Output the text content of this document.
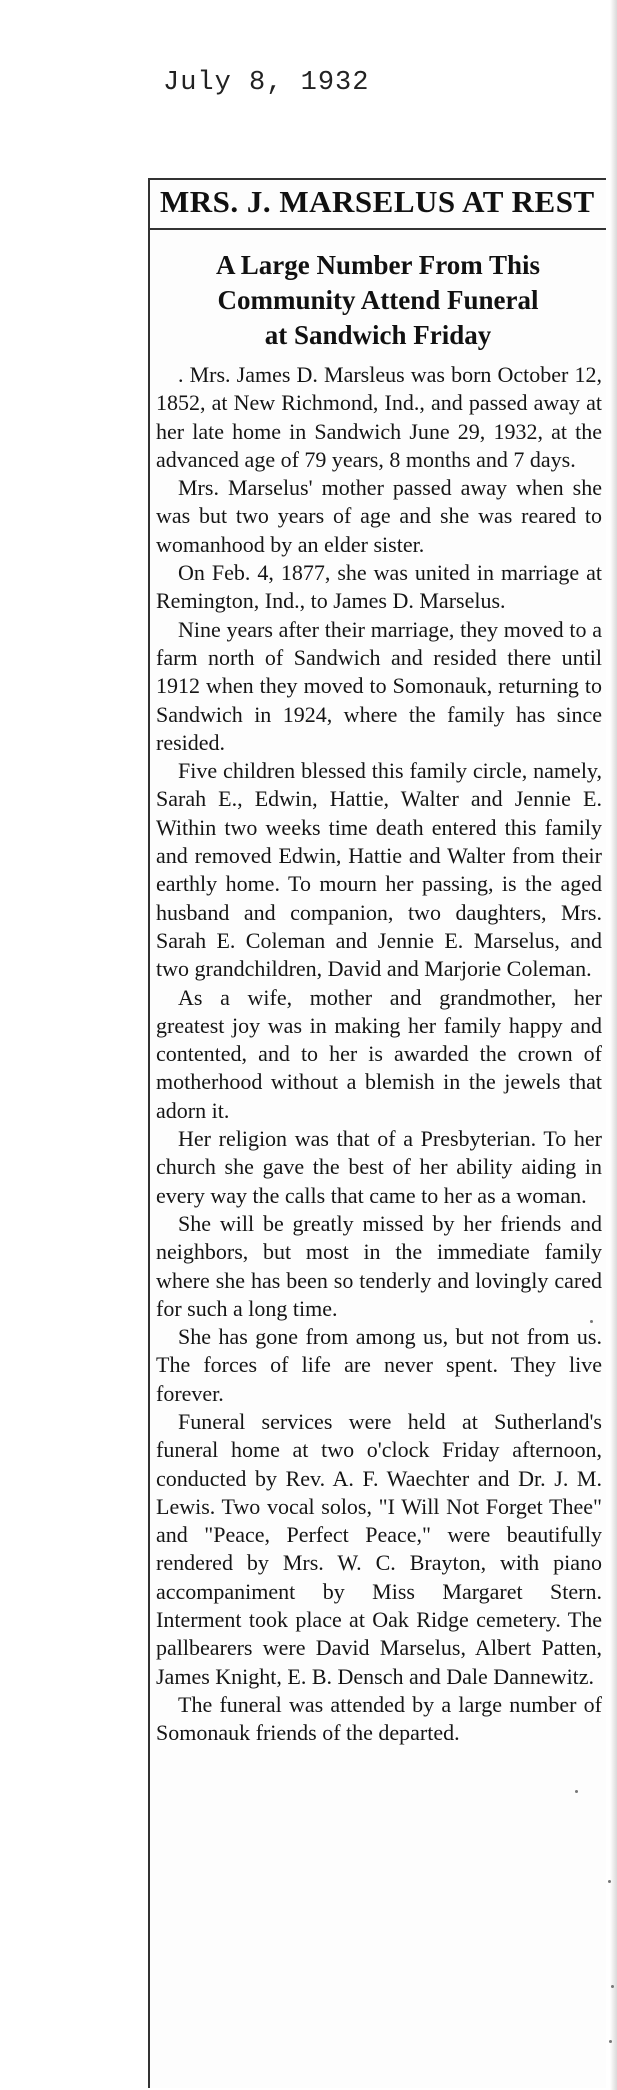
July 8, 1932
MRS. J. MARSELUS AT REST
A Large Number From This
Community Attend Funeral
at Sandwich Friday

. Mrs. James D. Marsleus was born October 12, 1852, at New Richmond, Ind., and passed away at her late home in Sandwich June 29, 1932, at the advanced age of 79 years, 8 months and 7 days.

Mrs. Marselus' mother passed away when she was but two years of age and she was reared to womanhood by an elder sister.

On Feb. 4, 1877, she was united in marriage at Remington, Ind., to James D. Marselus.

Nine years after their marriage, they moved to a farm north of Sandwich and resided there until 1912 when they moved to Somonauk, returning to Sandwich in 1924, where the family has since resided.

Five children blessed this family circle, namely, Sarah E., Edwin, Hattie, Walter and Jennie E. Within two weeks time death entered this family and removed Edwin, Hattie and Walter from their earthly home. To mourn her passing, is the aged husband and companion, two daughters, Mrs. Sarah E. Coleman and Jennie E. Marselus, and two grandchildren, David and Marjorie Coleman.

As a wife, mother and grandmother, her greatest joy was in making her family happy and contented, and to her is awarded the crown of motherhood without a blemish in the jewels that adorn it.

Her religion was that of a Presbyterian. To her church she gave the best of her ability aiding in every way the calls that came to her as a woman.

She will be greatly missed by her friends and neighbors, but most in the immediate family where she has been so tenderly and lovingly cared for such a long time.

She has gone from among us, but not from us. The forces of life are never spent. They live forever.

Funeral services were held at Sutherland's funeral home at two o'clock Friday afternoon, conducted by Rev. A. F. Waechter and Dr. J. M. Lewis. Two vocal solos, "I Will Not Forget Thee" and "Peace, Perfect Peace," were beautifully rendered by Mrs. W. C. Brayton, with piano accompaniment by Miss Margaret Stern. Interment took place at Oak Ridge cemetery. The pallbearers were David Marselus, Albert Patten, James Knight, E. B. Densch and Dale Dannewitz.

The funeral was attended by a large number of Somonauk friends of the departed.
